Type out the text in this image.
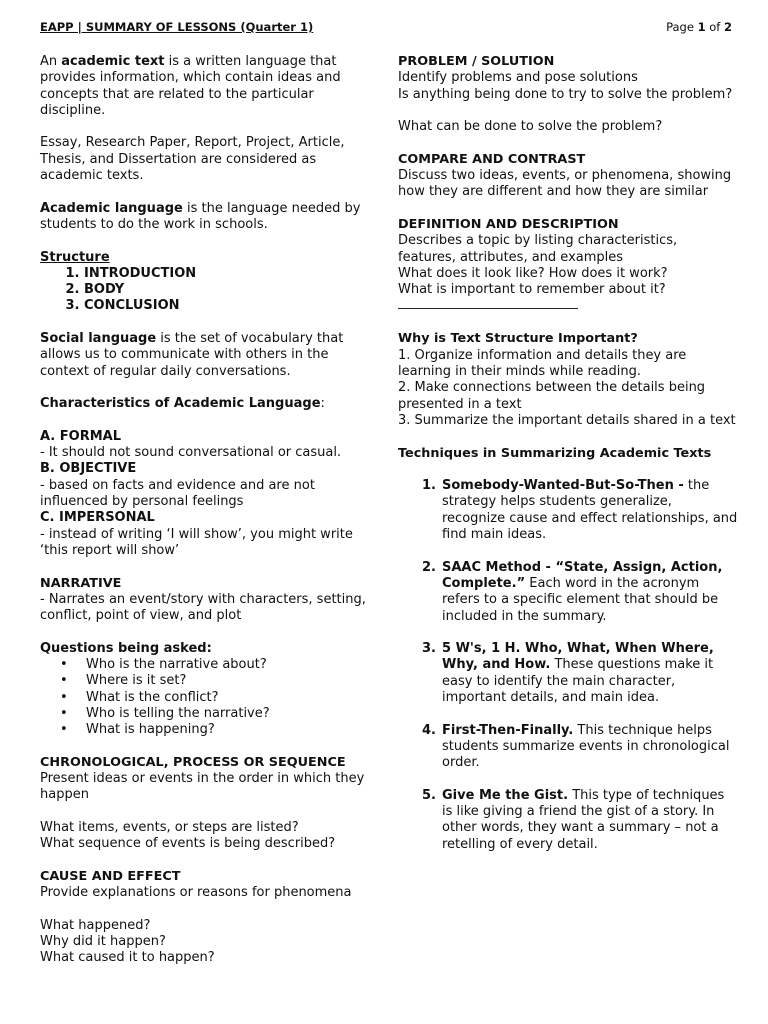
EAPP | SUMMARY OF LESSONS (Quarter 1)	Page 1 of 2

An academic text is a written language that provides information, which contain ideas and concepts that are related to the particular discipline.

Essay, Research Paper, Report, Project, Article, Thesis, and Dissertation are considered as academic texts.

Academic language is the language needed by students to do the work in schools.

Structure
1. INTRODUCTION
2. BODY
3. CONCLUSION

Social language is the set of vocabulary that allows us to communicate with others in the context of regular daily conversations.

Characteristics of Academic Language:

A. FORMAL
- It should not sound conversational or casual.
B. OBJECTIVE
- based on facts and evidence and are not influenced by personal feelings
C. IMPERSONAL

- instead of writing ‘I will show’, you might write ‘this report will show’

NARRATIVE

- Narrates an event/story with characters, setting, conflict, point of view, and plot

Questions being asked:
• Who is the narrative about?
• Where is it set?
• What is the conflict?
• Who is telling the narrative?
• What is happening?
CHRONOLOGICAL, PROCESS OR SEQUENCE

Present ideas or events in the order in which they happen

What items, events, or steps are listed?

What sequence of events is being described?

CAUSE AND EFFECT

Provide explanations or reasons for phenomena

What happened?
Why did it happen?
What caused it to happen?
PROBLEM / SOLUTION
Identify problems and pose solutions

Is anything being done to try to solve the problem?

What can be done to solve the problem?

COMPARE AND CONTRAST

Discuss two ideas, events, or phenomena, showing how they are different and how they are similar

DEFINITION AND DESCRIPTION
Describes a topic by listing characteristics, features, attributes, and examples
What does it look like? How does it work?
What is important to remember about it?
Why is Text Structure Important?
1. Organize information and details they are learning in their minds while reading.
2. Make connections between the details being presented in a text

3. Summarize the important details shared in a text

Techniques in Summarizing Academic Texts

1. Somebody-Wanted-But-So-Then - the strategy helps students generalize, recognize cause and effect relationships, and find main ideas.
2. SAAC Method - “State, Assign, Action, Complete.” Each word in the acronym refers to a specific element that should be included in the summary.
3. 5 W's, 1 H. Who, What, When Where, Why, and How. These questions make it easy to identify the main character, important details, and main idea.
4. First-Then-Finally. This technique helps students summarize events in chronological order.
5. Give Me the Gist. This type of techniques is like giving a friend the gist of a story. In other words, they want a summary – not a retelling of every detail.
